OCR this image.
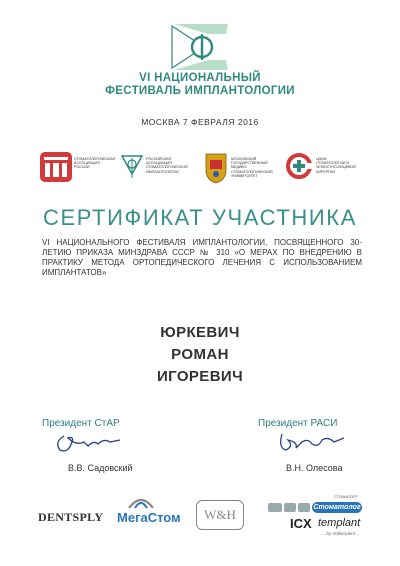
VI НАЦИОНАЛЬНЫЙ
ФЕСТИВАЛЬ ИМПЛАНТОЛОГИИ
МОСКВА 7 ФЕВРАЛЯ 2016
СТОМАТОЛОГИЧЕСКАЯ
АССОЦИАЦИЯ
РОССИИ
РОССИЙСКАЯ
АССОЦИАЦИЯ
СТОМАТОЛОГИЧЕСКОЙ
ИМПЛАНТОЛОГИИ
МОСКОВСКИЙ
ГОСУДАРСТВЕННЫЙ
МЕДИКО-
СТОМАТОЛОГИЧЕСКИЙ
УНИВЕРСИТЕТ
ЦНИИ
СТОМАТОЛОГИИ И
ЧЕЛЮСТНО-ЛИЦЕВОЙ
ХИРУРГИИ
СЕРТИФИКАТ УЧАСТНИКА
VI НАЦИОНАЛЬНОГО ФЕСТИВАЛЯ ИМПЛАНТОЛОГИИ, ПОСВЯЩЕННОГО 30-ЛЕТИЮ ПРИКАЗА МИНЗДРАВА СССР № 310 «О МЕРАХ ПО ВНЕДРЕНИЮ В ПРАКТИКУ МЕТОДА ОРТОПЕДИЧЕСКОГО ЛЕЧЕНИЯ С ИСПОЛЬЗОВАНИЕМ ИМПЛАНТАТОВ»
ЮРКЕВИЧ
РОМАН
ИГОРЕВИЧ
Президент СтАР
В.В. Садовский
Президент РАСИ
В.Н. Олесова
DENTSPLY МегаСтом W&H	Стоматолог
СТОМАТОРГ
ICX templant
…by Volkerplant…
